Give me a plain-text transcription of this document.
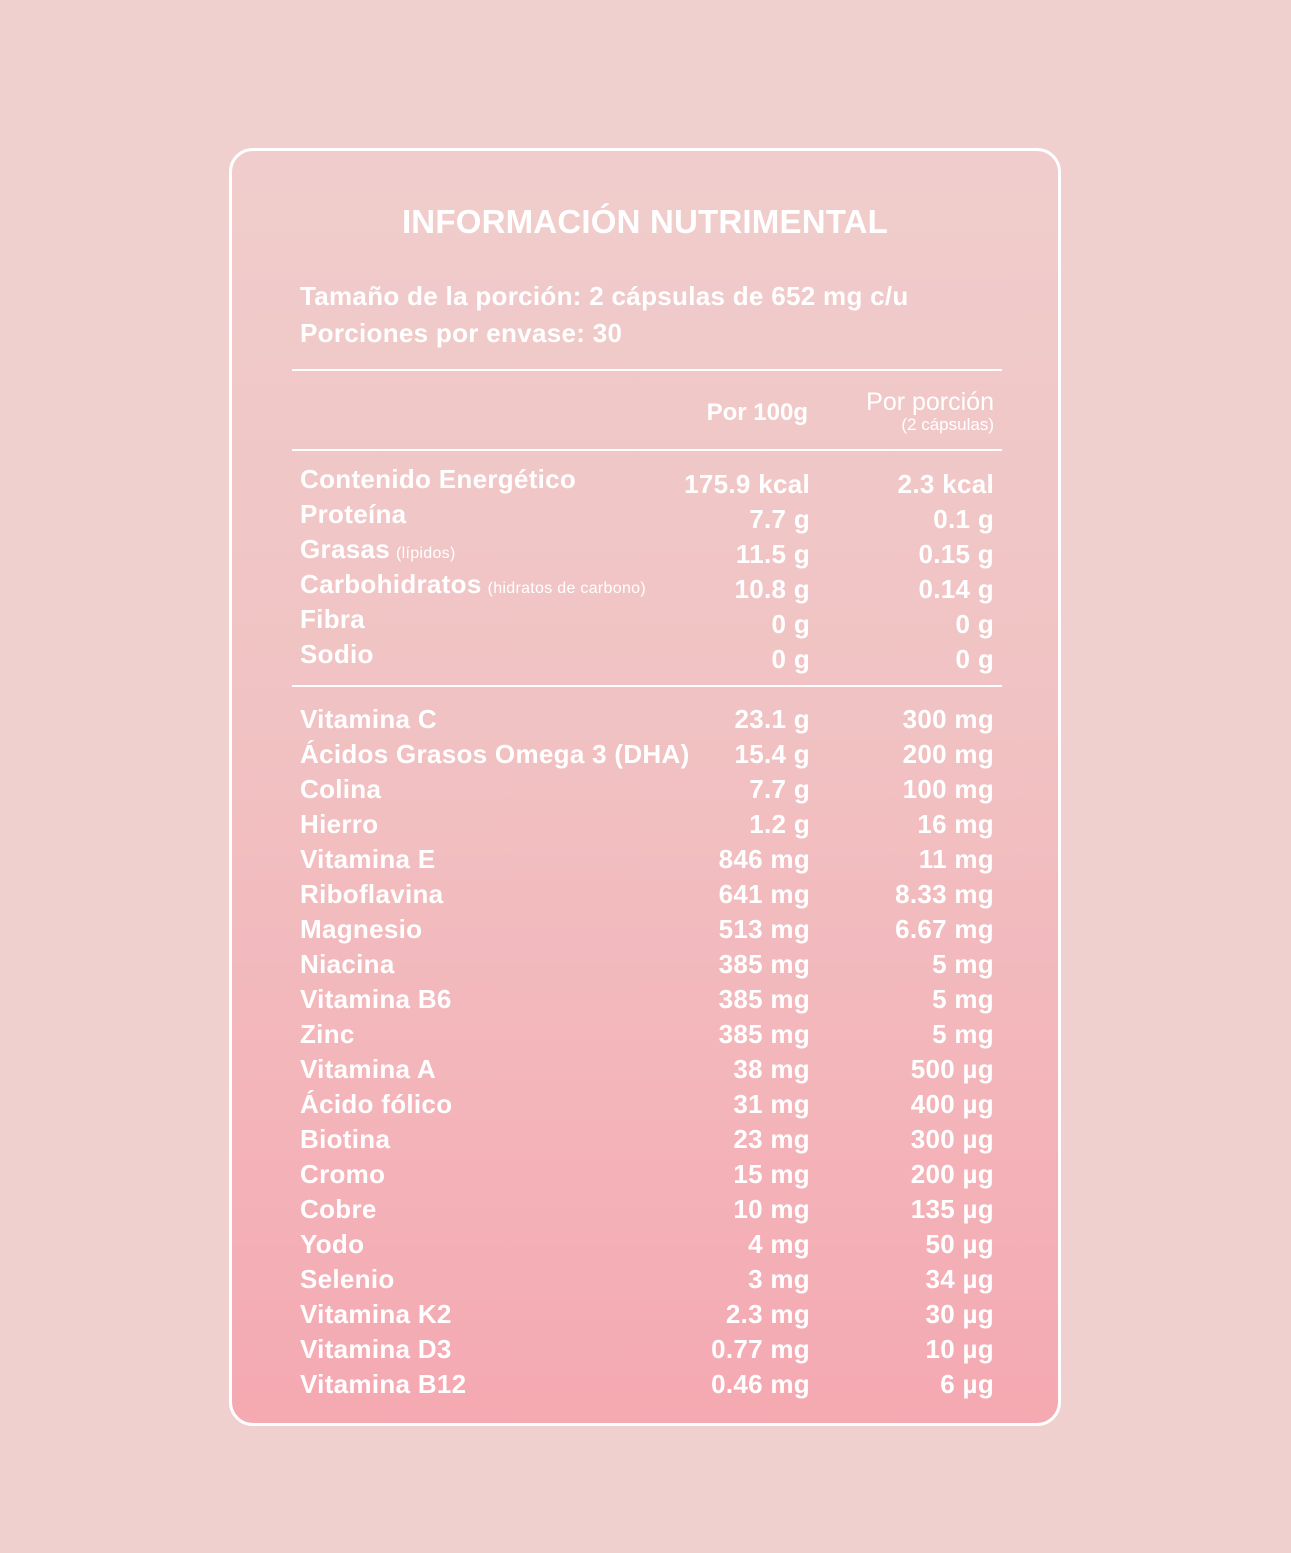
INFORMACIÓN NUTRIMENTAL
Tamaño de la porción: 2 cápsulas de 652 mg c/u
Porciones por envase: 30
Por 100g Por porción
(2 cápsulas)
Contenido Energético	175.9 kcal	2.3 kcal
Proteína	7.7 g	0.1 g
Grasas (lípidos)	11.5 g	0.15 g
Carbohidratos (hidratos de carbono)	10.8 g	0.14 g
Fibra	0 g	0 g
Sodio	0 g	0 g
Vitamina C	23.1 g	300 mg
Ácidos Grasos Omega 3 (DHA) 15.4 g	200 mg
Colina	7.7 g	100 mg
Hierro	1.2 g	16 mg
Vitamina E	846 mg	11 mg
Riboflavina	641 mg	8.33 mg
Magnesio	513 mg	6.67 mg
Niacina	385 mg	5 mg
Vitamina B6	385 mg	5 mg
Zinc	385 mg	5 mg
Vitamina A	38 mg	500 µg
Ácido fólico	31 mg	400 µg
Biotina	23 mg	300 µg
Cromo	15 mg	200 µg
Cobre	10 mg	135 µg
Yodo	4 mg	50 µg
Selenio	3 mg	34 µg
Vitamina K2	2.3 mg	30 µg
Vitamina D3	0.77 mg	10 µg
Vitamina B12	0.46 mg	6 µg
